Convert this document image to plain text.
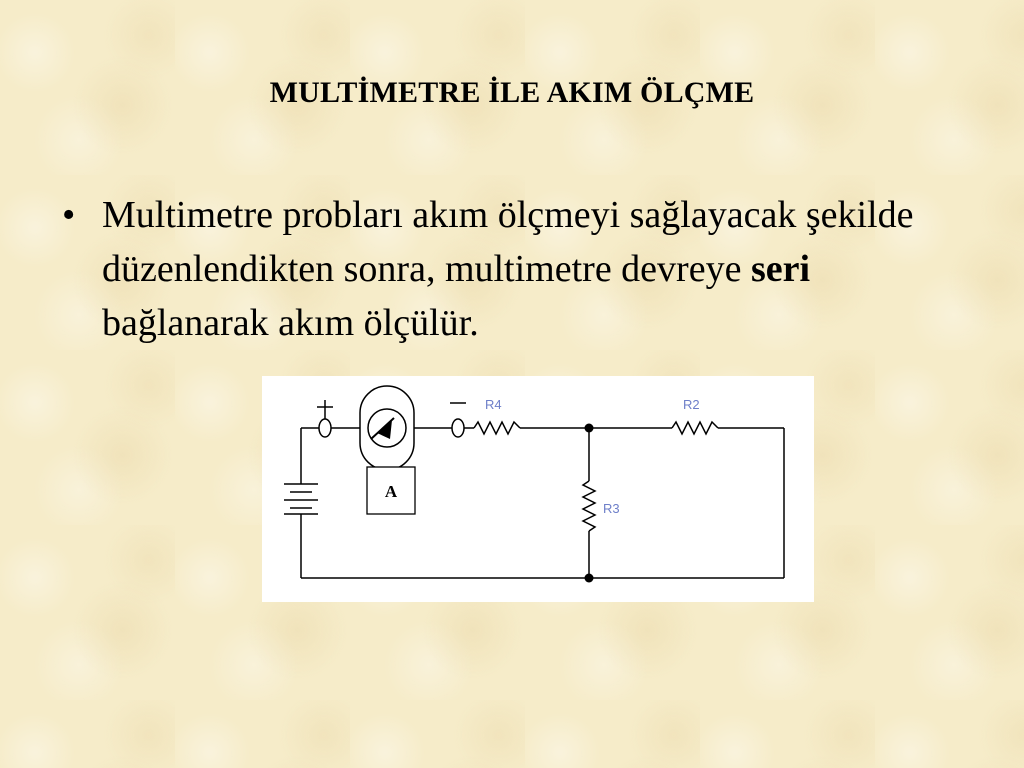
MULTİMETRE İLE AKIM ÖLÇME
• Multimetre probları akım ölçmeyi sağlayacak şekilde düzenlendikten sonra, multimetre devreye seri bağlanarak akım ölçülür.
A
R4	R2
R3
